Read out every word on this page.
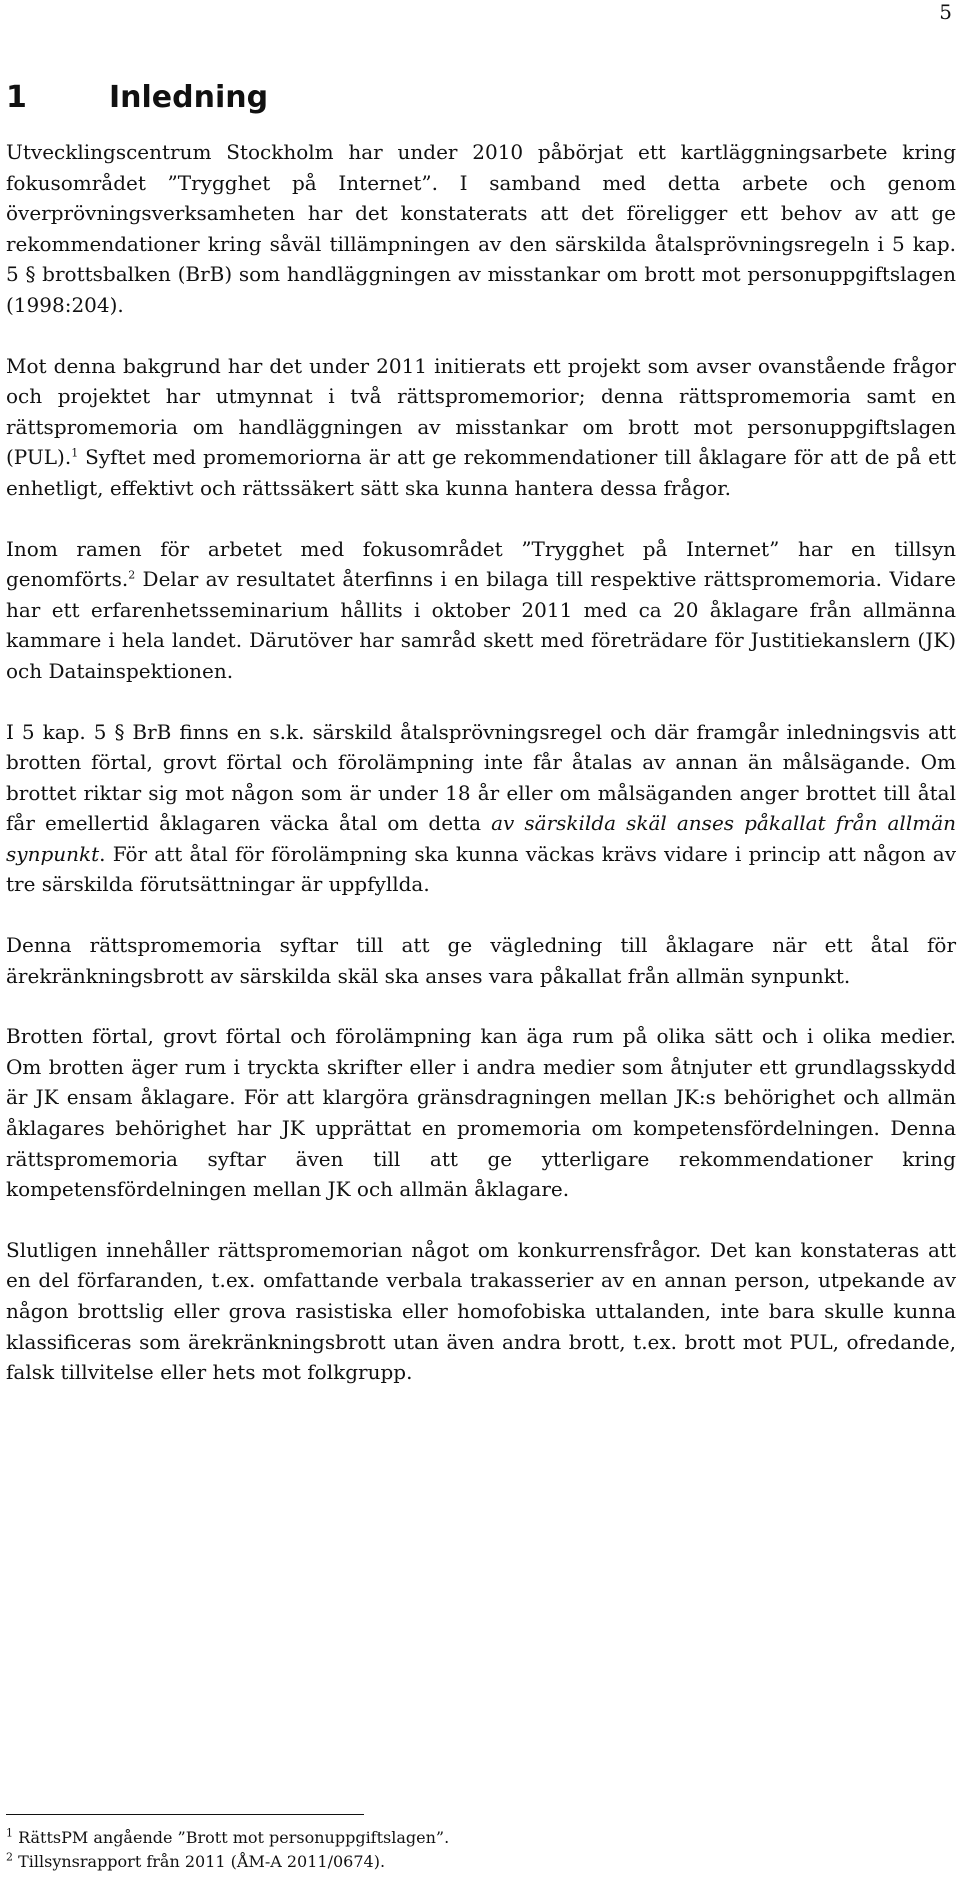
5
1	Inledning

Utvecklingscentrum Stockholm har under 2010 påbörjat ett kartläggningsarbete kring fokusområdet ”Trygghet på Internet”. I samband med detta arbete och genom överprövningsverksamheten har det konstaterats att det föreligger ett behov av att ge rekommendationer kring såväl tillämpningen av den särskilda åtalsprövningsregeln i 5 kap. 5 § brottsbalken (BrB) som handläggningen av misstankar om brott mot personuppgiftslagen (1998:204).

Mot denna bakgrund har det under 2011 initierats ett projekt som avser ovanstående frågor och projektet har utmynnat i två rättspromemorior; denna rättspromemoria samt en rättspromemoria om handläggningen av misstankar om brott mot personuppgiftslagen (PUL).$^1$ Syftet med promemoriorna är att ge rekommendationer till åklagare för att de på ett enhetligt, effektivt och rättssäkert sätt ska kunna hantera dessa frågor.

Inom ramen för arbetet med fokusområdet ”Trygghet på Internet” har en tillsyn genomförts.$^2$ Delar av resultatet återfinns i en bilaga till respektive rättspromemoria. Vidare har ett erfarenhetsseminarium hållits i oktober 2011 med ca 20 åklagare från allmänna kammare i hela landet. Därutöver har samråd skett med företrädare för Justitiekanslern (JK) och Datainspektionen.

I 5 kap. 5 § BrB finns en s.k. särskild åtalsprövningsregel och där framgår inledningsvis att brotten förtal, grovt förtal och förolämpning inte får åtalas av annan än målsägande. Om brottet riktar sig mot någon som är under 18 år eller om målsäganden anger brottet till åtal får emellertid åklagaren väcka åtal om detta av särskilda skäl anses påkallat från allmän synpunkt. För att åtal för förolämpning ska kunna väckas krävs vidare i princip att någon av tre särskilda förutsättningar är uppfyllda.

Denna rättspromemoria syftar till att ge vägledning till åklagare när ett åtal för ärekränkningsbrott av särskilda skäl ska anses vara påkallat från allmän synpunkt.

Brotten förtal, grovt förtal och förolämpning kan äga rum på olika sätt och i olika medier. Om brotten äger rum i tryckta skrifter eller i andra medier som åtnjuter ett grundlagsskydd är JK ensam åklagare. För att klargöra gränsdragningen mellan JK:s behörighet och allmän åklagares behörighet har JK upprättat en promemoria om kompetensfördelningen. Denna rättspromemoria syftar även till att ge ytterligare rekommendationer kring kompetensfördelningen mellan JK och allmän åklagare.

Slutligen innehåller rättspromemorian något om konkurrensfrågor. Det kan konstateras att en del förfaranden, t.ex. omfattande verbala trakasserier av en annan person, utpekande av någon brottslig eller grova rasistiska eller homofobiska uttalanden, inte bara skulle kunna klassificeras som ärekränkningsbrott utan även andra brott, t.ex. brott mot PUL, ofredande, falsk tillvitelse eller hets mot folkgrupp.

$^1$ RättsPM angående ”Brott mot personuppgiftslagen”.
$^2$ Tillsynsrapport från 2011 (ÅM-A 2011/0674).
